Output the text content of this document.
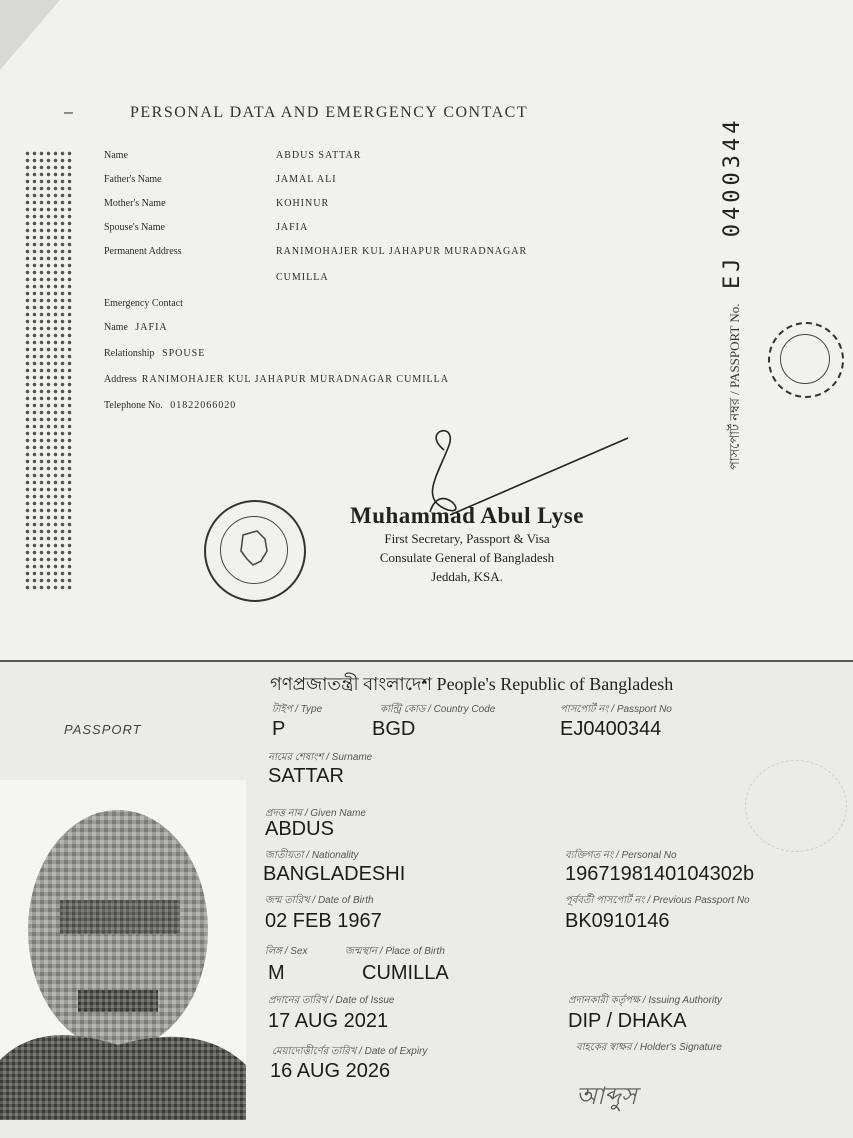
–	PERSONAL DATA AND EMERGENCY CONTACT
Name	ABDUS SATTAR
Father's Name	JAMAL ALI
Mother's Name	KOHINUR
Spouse's Name	JAFIA
Permanent Address	RANIMOHAJER KUL JAHAPUR MURADNAGAR
CUMILLA
Emergency Contact
Name JAFIA
Relationship SPOUSE
Address RANIMOHAJER KUL JAHAPUR MURADNAGAR CUMILLA
Telephone No. 01822066020	পাসপোর্ট নম্বর / PASSPORT No. EJ 0400344
Muhammad Abul Lyse
First Secretary, Passport & Visa
Consulate General of Bangladesh
Jeddah, KSA.
PASSPORT
গণপ্রজাতন্ত্রী বাংলাদেশ People's Republic of Bangladesh
টাইপ / Type	কান্ট্রি কোড / Country Code	পাসপোর্ট নং / Passport No
P	BGD	EJ0400344
নামের শেষাংশ / Surname
SATTAR
প্রদত্ত নাম / Given Name
ABDUS
জাতীয়তা / Nationality
BANGLADESHI
ব্যক্তিগত নং / Personal No
1967198140104302b
জন্ম তারিখ / Date of Birth
02 FEB 1967
পূর্ববর্তী পাসপোর্ট নং / Previous Passport No
BK0910146
লিঙ্গ / Sex	জন্মস্থান / Place of Birth
M	CUMILLA
প্রদানের তারিখ / Date of Issue
17 AUG 2021
প্রদানকারী কর্তৃপক্ষ / Issuing Authority
DIP / DHAKA
মেয়াদোত্তীর্ণের তারিখ / Date of Expiry
16 AUG 2026
বাহকের স্বাক্ষর / Holder's Signature
আব্দুস
